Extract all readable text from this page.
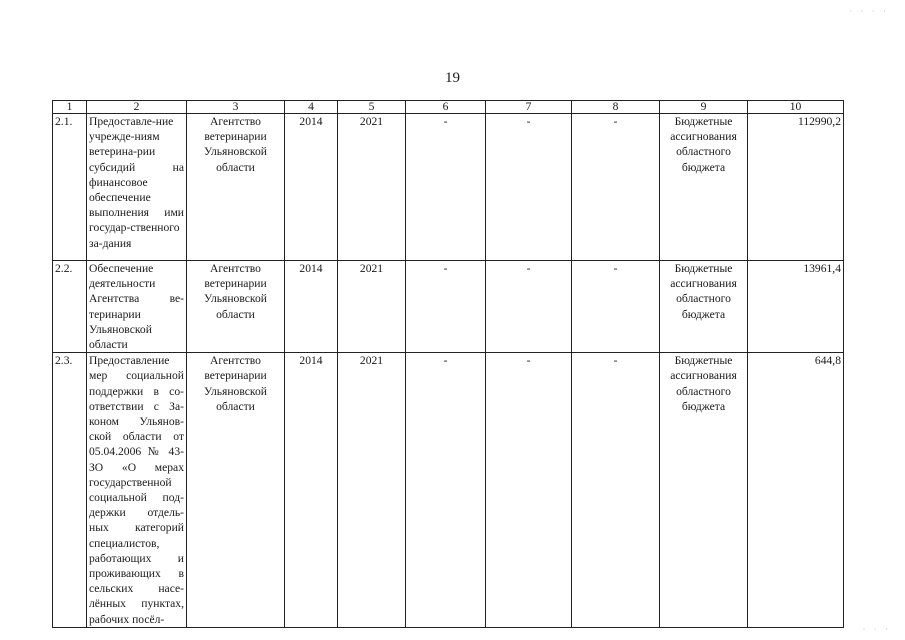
19
1	2	3	4	5	6	7	8	9	10
2.1.	Предоставле-ние учрежде-ниям ветерина-рии субсидий на финансовое обеспечение выполнения ими государ-ственного за-дания	Агентство ветеринарии Ульяновской области	2014	2021	-	-	-	Бюджетные ассигнования областного бюджета	112990,2
2.2.	Обеспечение деятельности Агентства ве-теринарии Ульяновской области	Агентство ветеринарии Ульяновской области	2014	2021	-	-	-	Бюджетные ассигнования областного бюджета	13961,4
2.3.	Предоставление мер социальной поддержки в со-ответствии с За-коном Ульянов-ской области от 05.04.2006 № 43-ЗО «О мерах государственной социальной под-держки отдель-ных категорий специалистов, работающих и проживающих в сельских насе-лённых пунктах, рабочих посёл-	Агентство ветеринарии Ульяновской области	2014	2021	-	-	-	Бюджетные ассигнования областного бюджета	644,8
· · · ·
· · ·
